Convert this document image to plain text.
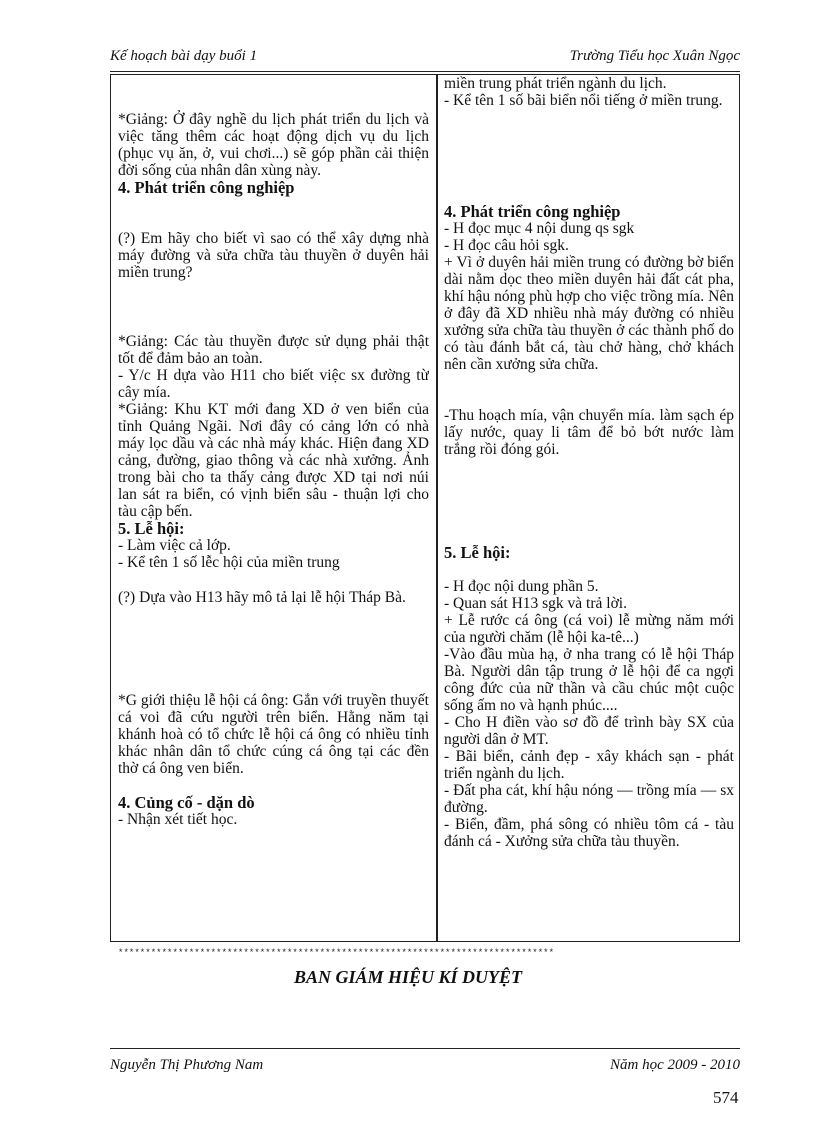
Kế hoạch bài dạy buổi 1	Trường Tiểu học Xuân Ngọc

*Giảng: Ở đây nghề du lịch phát triển du lịch và việc tăng thêm các hoạt động dịch vụ du lịch (phục vụ ăn, ở, vui chơi...) sẽ góp phần cải thiện đời sống của nhân dân xùng này.

4. Phát triển công nghiệp

(?) Em hãy cho biết vì sao có thể xây dựng nhà máy đường và sửa chữa tàu thuyền ở duyên hải miền trung?

*Giảng: Các tàu thuyền được sử dụng phải thật tốt để đảm bảo an toàn.

- Y/c H dựa vào H11 cho biết việc sx đường từ cây mía.

*Giảng: Khu KT mới đang XD ở ven biển của tỉnh Quảng Ngãi. Nơi đây có cảng lớn có nhà máy lọc dầu và các nhà máy khác. Hiện đang XD cảng, đường, giao thông và các nhà xưởng. Ảnh trong bài cho ta thấy cảng được XD tại nơi núi lan sát ra biển, có vịnh biển sâu - thuận lợi cho tàu cập bến.

5. Lễ hội:

- Làm việc cả lớp.

- Kể tên 1 số lễc hội của miền trung

(?) Dựa vào H13 hãy mô tả lại lễ hội Tháp Bà.

*G giới thiệu lễ hội cá ông: Gắn với truyền thuyết cá voi đã cứu người trên biển. Hằng năm tại khánh hoà có tổ chức lễ hội cá ông có nhiều tỉnh khác nhân dân tổ chức cúng cá ông tại các đền thờ cá ông ven biển.

4. Củng cố - dặn dò

- Nhận xét tiết học.

miền trung phát triển ngành du lịch.

- Kể tên 1 số bãi biển nổi tiếng ở miền trung.

4. Phát triển công nghiệp

- H đọc mục 4 nội dung qs sgk

- H đọc câu hỏi sgk.

+ Vì ở duyên hải miền trung có đường bờ biển dài nằm dọc theo miền duyên hải đất cát pha, khí hậu nóng phù hợp cho việc trồng mía. Nên ở đây đã XD nhiều nhà máy đường có nhiều xưởng sửa chữa tàu thuyền ở các thành phố do có tàu đánh bắt cá, tàu chở hàng, chở khách nên cần xưởng sửa chữa.

-Thu hoạch mía, vận chuyển mía. làm sạch ép lấy nước, quay li tâm để bỏ bớt nước làm trắng rồi đóng gói.

5. Lễ hội:

- H đọc nội dung phần 5.

- Quan sát H13 sgk và trả lời.

+ Lễ rước cá ông (cá voi) lễ mừng năm mới của người chăm (lễ hội ka-tê...)

-Vào đầu mùa hạ, ở nha trang có lễ hội Tháp Bà. Người dân tập trung ở lễ hội để ca ngợi công đức của nữ thần và cầu chúc một cuộc sống ấm no và hạnh phúc....

- Cho H điền vào sơ đồ để trình bày SX của người dân ở MT.

- Bãi biển, cảnh đẹp - xây khách sạn - phát triển ngành du lịch.

- Đất pha cát, khí hậu nóng — trồng mía — sx đường.

- Biển, đầm, phá sông có nhiều tôm cá - tàu đánh cá - Xưởng sửa chữa tàu thuyền.

********************************************************************************
BAN GIÁM HIỆU KÍ DUYỆT
Nguyễn Thị Phương Nam	Năm học 2009 - 2010
574
